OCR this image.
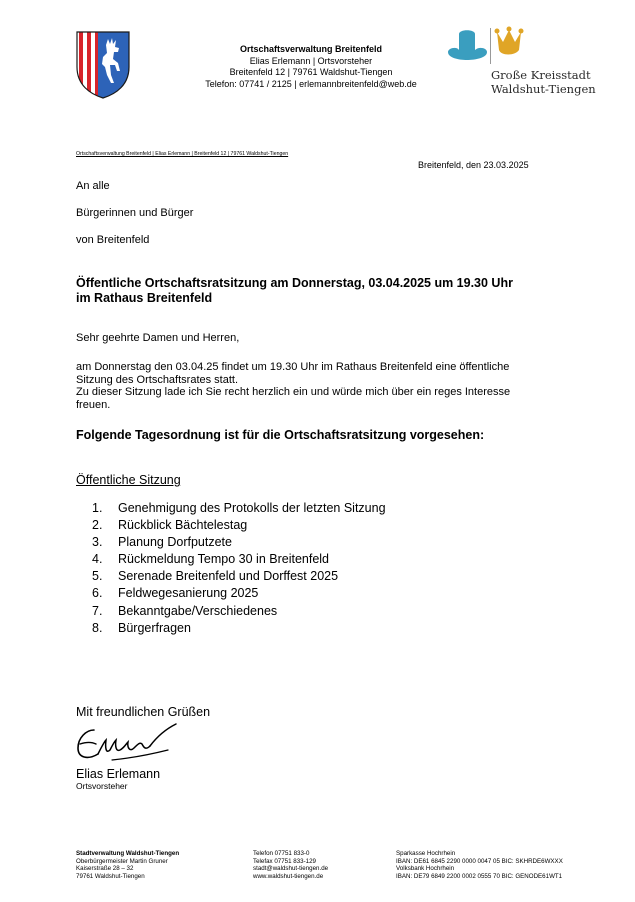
Ortschaftsverwaltung Breitenfeld
Elias Erlemann | Ortsvorsteher
Breitenfeld 12 | 79761 Waldshut-Tiengen
Telefon: 07741 / 2125 | erlemannbreitenfeld@web.de
Große Kreisstadt
Waldshut-Tiengen
Ortschaftsverwaltung Breitenfeld | Elias Erlemann | Breitenfeld 12 | 79761 Waldshut-Tiengen
Breitenfeld, den 23.03.2025
An alle
Bürgerinnen und Bürger
von Breitenfeld
Öffentliche Ortschaftsratsitzung am Donnerstag, 03.04.2025 um 19.30 Uhr
im Rathaus Breitenfeld
Sehr geehrte Damen und Herren,
am Donnerstag den 03.04.25 findet um 19.30 Uhr im Rathaus Breitenfeld eine öffentliche
Sitzung des Ortschaftsrates statt.
Zu dieser Sitzung lade ich Sie recht herzlich ein und würde mich über ein reges Interesse
freuen.
Folgende Tagesordnung ist für die Ortschaftsratsitzung vorgesehen:
Öffentliche Sitzung
1.	Genehmigung des Protokolls der letzten Sitzung
2.	Rückblick Bächtelestag
3.	Planung Dorfputzete
4.	Rückmeldung Tempo 30 in Breitenfeld
5.	Serenade Breitenfeld und Dorffest 2025
6.	Feldwegesanierung 2025
7.	Bekanntgabe/Verschiedenes
8.	Bürgerfragen
Mit freundlichen Grüßen
Elias Erlemann
Ortsvorsteher
Stadtverwaltung Waldshut-Tiengen
Oberbürgermeister Martin Gruner
Kaiserstraße 28 – 32
79761 Waldshut-Tiengen
Telefon 07751 833-0
Telefax 07751 833-129
stadt@waldshut-tiengen.de
www.waldshut-tiengen.de
Sparkasse Hochrhein
IBAN: DE61 6845 2290 0000 0047 05 BIC: SKHRDE6WXXX
Volksbank Hochrhein
IBAN: DE79 6849 2200 0002 0555 70 BIC: GENODE61WT1
